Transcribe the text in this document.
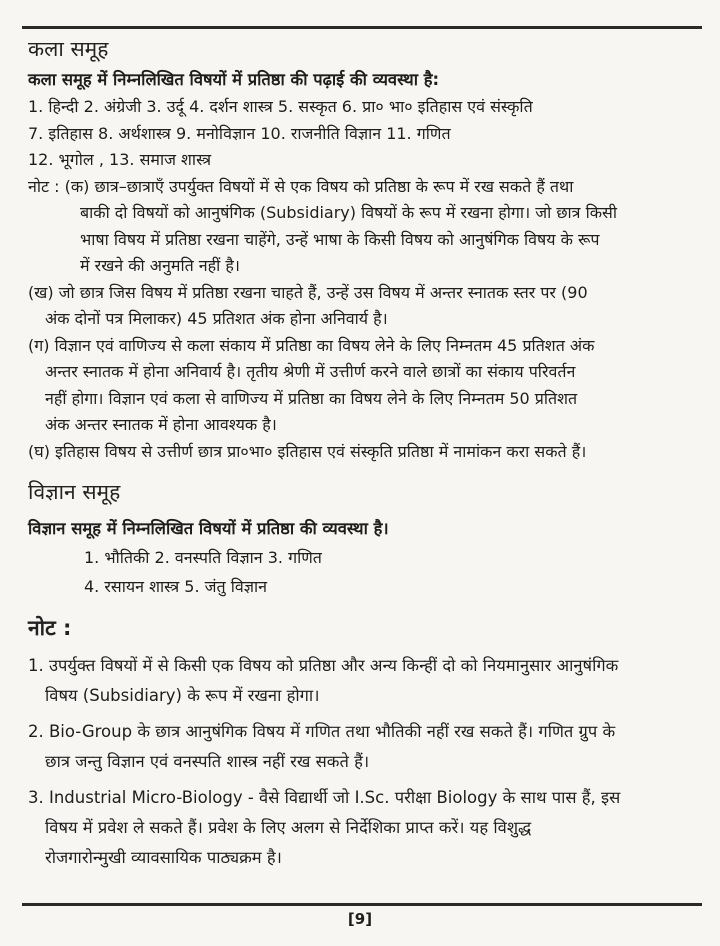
कला समूह
कला समूह में निम्नलिखित विषयों में प्रतिष्ठा की पढ़ाई की व्यवस्था है:
1. हिन्दी 2. अंग्रेजी 3. उर्दू 4. दर्शन शास्त्र 5. सस्कृत 6. प्रा० भा० इतिहास एवं संस्कृति
7. इतिहास 8. अर्थशास्त्र 9. मनोविज्ञान 10. राजनीति विज्ञान 11. गणित
12. भूगोल , 13. समाज शास्त्र
नोट : (क) छात्र–छात्राएँ उपर्युक्त विषयों में से एक विषय को प्रतिष्ठा के रूप में रख सकते हैं तथा
बाकी दो विषयों को आनुषंगिक (Subsidiary) विषयों के रूप में रखना होगा। जो छात्र किसी
भाषा विषय में प्रतिष्ठा रखना चाहेंगे, उन्हें भाषा के किसी विषय को आनुषंगिक विषय के रूप
में रखने की अनुमति नहीं है।
(ख) जो छात्र जिस विषय में प्रतिष्ठा रखना चाहते हैं, उन्हें उस विषय में अन्तर स्नातक स्तर पर (90
अंक दोनों पत्र मिलाकर) 45 प्रतिशत अंक होना अनिवार्य है।
(ग) विज्ञान एवं वाणिज्य से कला संकाय में प्रतिष्ठा का विषय लेने के लिए निम्नतम 45 प्रतिशत अंक
अन्तर स्नातक में होना अनिवार्य है। तृतीय श्रेणी में उत्तीर्ण करने वाले छात्रों का संकाय परिवर्तन
नहीं होगा। विज्ञान एवं कला से वाणिज्य में प्रतिष्ठा का विषय लेने के लिए निम्नतम 50 प्रतिशत
अंक अन्तर स्नातक में होना आवश्यक है।
(घ) इतिहास विषय से उत्तीर्ण छात्र प्रा०भा० इतिहास एवं संस्कृति प्रतिष्ठा में नामांकन करा सकते हैं।
विज्ञान समूह
विज्ञान समूह में निम्नलिखित विषयों में प्रतिष्ठा की व्यवस्था है।
1. भौतिकी 2. वनस्पति विज्ञान 3. गणित
4. रसायन शास्त्र 5. जंतु विज्ञान
नोट :
1. उपर्युक्त विषयों में से किसी एक विषय को प्रतिष्ठा और अन्य किन्हीं दो को नियमानुसार आनुषंगिक
विषय (Subsidiary) के रूप में रखना होगा।
2. Bio-Group के छात्र आनुषंगिक विषय में गणित तथा भौतिकी नहीं रख सकते हैं। गणित ग्रुप के
छात्र जन्तु विज्ञान एवं वनस्पति शास्त्र नहीं रख सकते हैं।
3. Industrial Micro-Biology - वैसे विद्यार्थी जो I.Sc. परीक्षा Biology के साथ पास हैं, इस
विषय में प्रवेश ले सकते हैं। प्रवेश के लिए अलग से निर्देशिका प्राप्त करें। यह विशुद्ध
रोजगारोन्मुखी व्यावसायिक पाठ्यक्रम है।
[9]
